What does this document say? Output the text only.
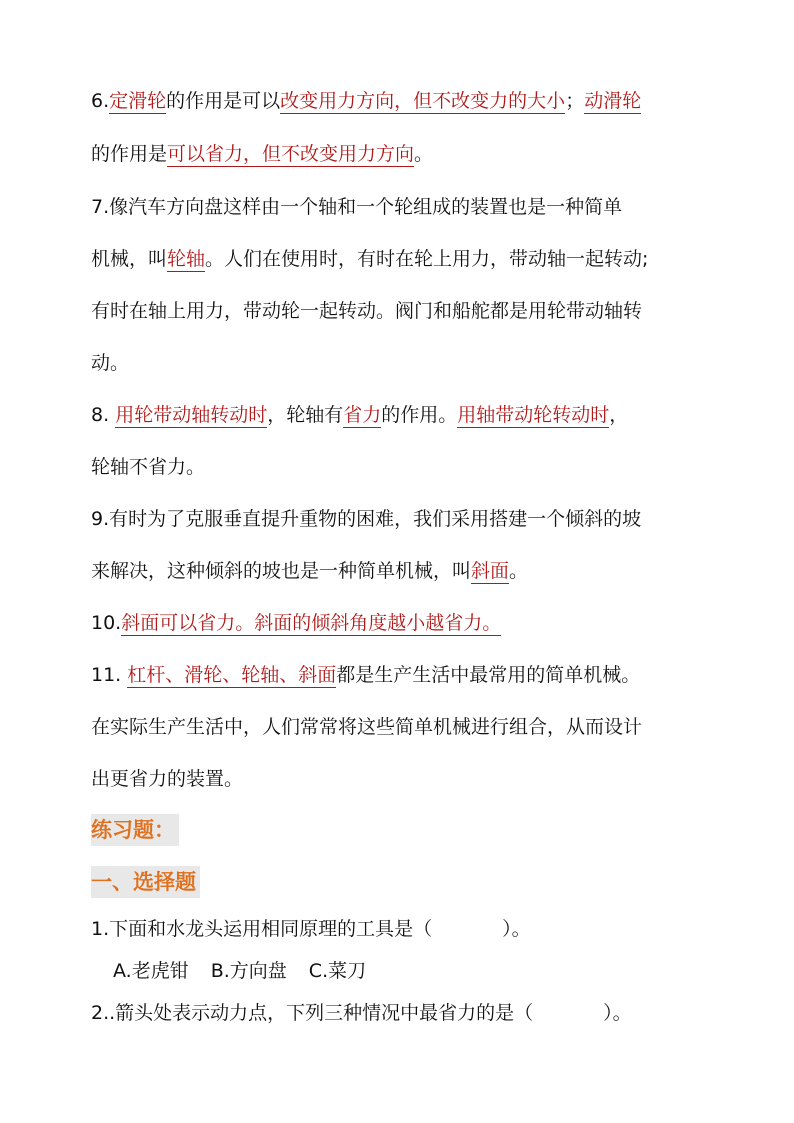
6.定滑轮的作用是可以改变用力方向，但不改变力的大小；动滑轮
的作用是可以省力，但不改变用力方向。
7.像汽车方向盘这样由一个轴和一个轮组成的装置也是一种简单
机械，叫轮轴。人们在使用时，有时在轮上用力，带动轴一起转动;
有时在轴上用力，带动轮一起转动。阀门和船舵都是用轮带动轴转
动。
8. 用轮带动轴转动时，轮轴有省力的作用。用轴带动轮转动时，
轮轴不省力。
9.有时为了克服垂直提升重物的困难，我们采用搭建一个倾斜的坡
来解决，这种倾斜的坡也是一种简单机械，叫斜面。
10.斜面可以省力。斜面的倾斜角度越小越省力。
11. 杠杆、滑轮、轮轴、斜面都是生产生活中最常用的简单机械。
在实际生产生活中，人们常常将这些简单机械进行组合，从而设计
出更省力的装置。
练习题：
一、选择题
1.下面和水龙头运用相同原理的工具是（	）。
A.老虎钳 B.方向盘 C.菜刀
2..箭头处表示动力点，下列三种情况中最省力的是（	）。
